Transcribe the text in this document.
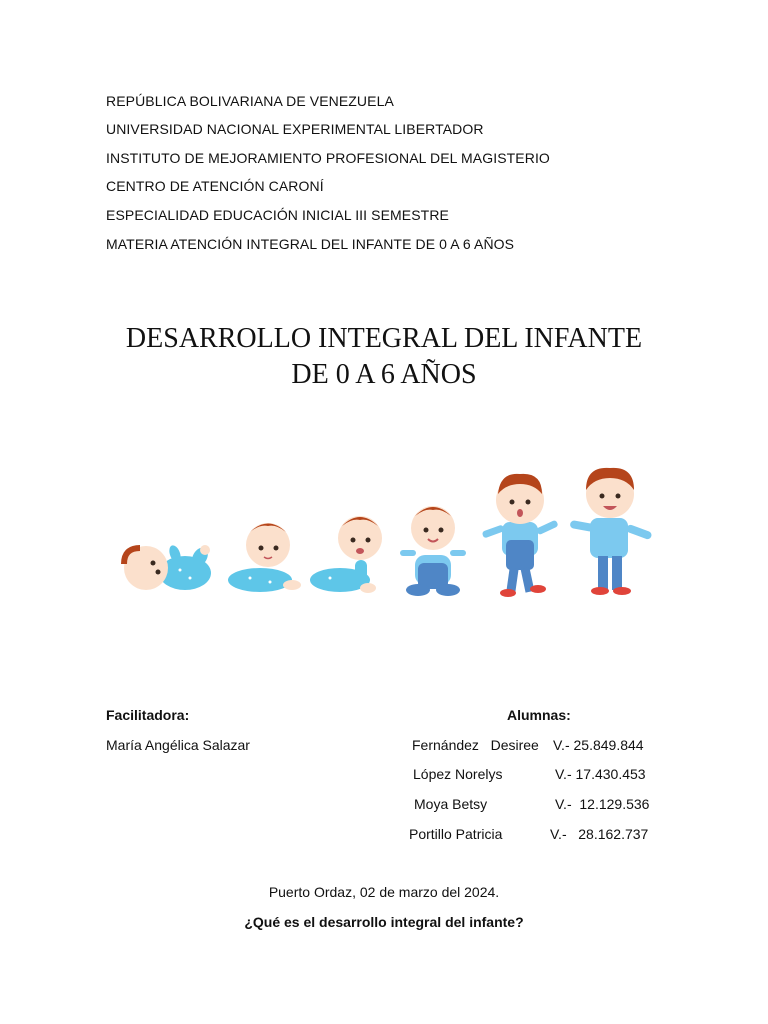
REPÚBLICA BOLIVARIANA DE VENEZUELA
UNIVERSIDAD NACIONAL EXPERIMENTAL LIBERTADOR
INSTITUTO DE MEJORAMIENTO PROFESIONAL DEL MAGISTERIO
CENTRO DE ATENCIÓN CARONÍ
ESPECIALIDAD EDUCACIÓN INICIAL III SEMESTRE
MATERIA ATENCIÓN INTEGRAL DEL INFANTE DE 0 A 6 AÑOS
DESARROLLO INTEGRAL DEL INFANTE
DE 0 A 6 AÑOS
Facilitadora:
María Angélica Salazar
Alumnas:
Fernández   Desiree V.- 25.849.844
López Norelys	V.- 17.430.453
Moya Betsy	V.-  12.129.536
Portillo Patricia	V.-   28.162.737
Puerto Ordaz, 02 de marzo del 2024.
¿Qué es el desarrollo integral del infante?
